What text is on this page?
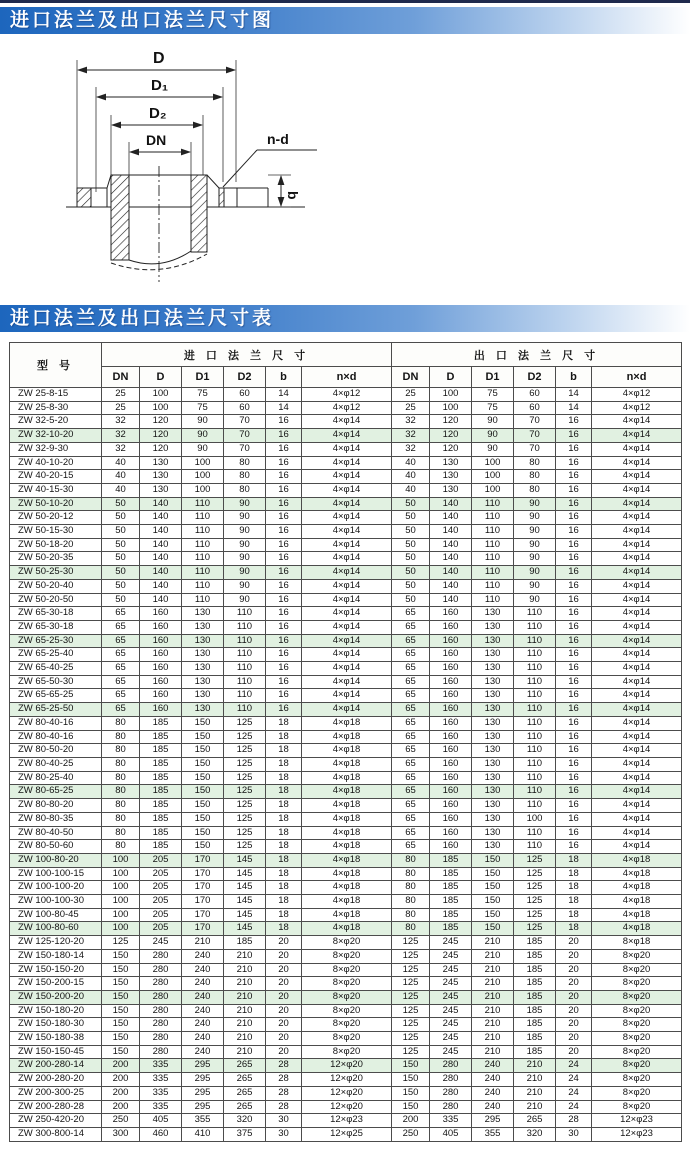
进口法兰及出口法兰尺寸图
D
D₁
D₂
DN	n-d
b
进口法兰及出口法兰尺寸表
型 号	进 口 法 兰 尺 寸						出 口 法 兰 尺 寸					
	DN	D	D1	D2	b	n×d	DN	D	D1	D2	b	n×d
ZW 25-8-15	25	100	75	60	14	4×φ12	25	100	75	60	14	4×φ12
ZW 25-8-30	25	100	75	60	14	4×φ12	25	100	75	60	14	4×φ12
ZW 32-5-20	32	120	90	70	16	4×φ14	32	120	90	70	16	4×φ14
ZW 32-10-20	32	120	90	70	16	4×φ14	32	120	90	70	16	4×φ14
ZW 32-9-30	32	120	90	70	16	4×φ14	32	120	90	70	16	4×φ14
ZW 40-10-20	40	130	100	80	16	4×φ14	40	130	100	80	16	4×φ14
ZW 40-20-15	40	130	100	80	16	4×φ14	40	130	100	80	16	4×φ14
ZW 40-15-30	40	130	100	80	16	4×φ14	40	130	100	80	16	4×φ14
ZW 50-10-20	50	140	110	90	16	4×φ14	50	140	110	90	16	4×φ14
ZW 50-20-12	50	140	110	90	16	4×φ14	50	140	110	90	16	4×φ14
ZW 50-15-30	50	140	110	90	16	4×φ14	50	140	110	90	16	4×φ14
ZW 50-18-20	50	140	110	90	16	4×φ14	50	140	110	90	16	4×φ14
ZW 50-20-35	50	140	110	90	16	4×φ14	50	140	110	90	16	4×φ14
ZW 50-25-30	50	140	110	90	16	4×φ14	50	140	110	90	16	4×φ14
ZW 50-20-40	50	140	110	90	16	4×φ14	50	140	110	90	16	4×φ14
ZW 50-20-50	50	140	110	90	16	4×φ14	50	140	110	90	16	4×φ14
ZW 65-30-18	65	160	130	110	16	4×φ14	65	160	130	110	16	4×φ14
ZW 65-30-18	65	160	130	110	16	4×φ14	65	160	130	110	16	4×φ14
ZW 65-25-30	65	160	130	110	16	4×φ14	65	160	130	110	16	4×φ14
ZW 65-25-40	65	160	130	110	16	4×φ14	65	160	130	110	16	4×φ14
ZW 65-40-25	65	160	130	110	16	4×φ14	65	160	130	110	16	4×φ14
ZW 65-50-30	65	160	130	110	16	4×φ14	65	160	130	110	16	4×φ14
ZW 65-65-25	65	160	130	110	16	4×φ14	65	160	130	110	16	4×φ14
ZW 65-25-50	65	160	130	110	16	4×φ14	65	160	130	110	16	4×φ14
ZW 80-40-16	80	185	150	125	18	4×φ18	65	160	130	110	16	4×φ14
ZW 80-40-16	80	185	150	125	18	4×φ18	65	160	130	110	16	4×φ14
ZW 80-50-20	80	185	150	125	18	4×φ18	65	160	130	110	16	4×φ14
ZW 80-40-25	80	185	150	125	18	4×φ18	65	160	130	110	16	4×φ14
ZW 80-25-40	80	185	150	125	18	4×φ18	65	160	130	110	16	4×φ14
ZW 80-65-25	80	185	150	125	18	4×φ18	65	160	130	110	16	4×φ14
ZW 80-80-20	80	185	150	125	18	4×φ18	65	160	130	110	16	4×φ14
ZW 80-80-35	80	185	150	125	18	4×φ18	65	160	130	100	16	4×φ14
ZW 80-40-50	80	185	150	125	18	4×φ18	65	160	130	110	16	4×φ14
ZW 80-50-60	80	185	150	125	18	4×φ18	65	160	130	110	16	4×φ14
ZW 100-80-20	100	205	170	145	18	4×φ18	80	185	150	125	18	4×φ18
ZW 100-100-15	100	205	170	145	18	4×φ18	80	185	150	125	18	4×φ18
ZW 100-100-20	100	205	170	145	18	4×φ18	80	185	150	125	18	4×φ18
ZW 100-100-30	100	205	170	145	18	4×φ18	80	185	150	125	18	4×φ18
ZW 100-80-45	100	205	170	145	18	4×φ18	80	185	150	125	18	4×φ18
ZW 100-80-60	100	205	170	145	18	4×φ18	80	185	150	125	18	4×φ18
ZW 125-120-20	125	245	210	185	20	8×φ20	125	245	210	185	20	8×φ18
ZW 150-180-14	150	280	240	210	20	8×φ20	125	245	210	185	20	8×φ20
ZW 150-150-20	150	280	240	210	20	8×φ20	125	245	210	185	20	8×φ20
ZW 150-200-15	150	280	240	210	20	8×φ20	125	245	210	185	20	8×φ20
ZW 150-200-20	150	280	240	210	20	8×φ20	125	245	210	185	20	8×φ20
ZW 150-180-20	150	280	240	210	20	8×φ20	125	245	210	185	20	8×φ20
ZW 150-180-30	150	280	240	210	20	8×φ20	125	245	210	185	20	8×φ20
ZW 150-180-38	150	280	240	210	20	8×φ20	125	245	210	185	20	8×φ20
ZW 150-150-45	150	280	240	210	20	8×φ20	125	245	210	185	20	8×φ20
ZW 200-280-14	200	335	295	265	28	12×φ20	150	280	240	210	24	8×φ20
ZW 200-280-20	200	335	295	265	28	12×φ20	150	280	240	210	24	8×φ20
ZW 200-300-25	200	335	295	265	28	12×φ20	150	280	240	210	24	8×φ20
ZW 200-280-28	200	335	295	265	28	12×φ20	150	280	240	210	24	8×φ20
ZW 250-420-20	250	405	355	320	30	12×φ23	200	335	295	265	28	12×φ23
ZW 300-800-14	300	460	410	375	30	12×φ25	250	405	355	320	30	12×φ23
